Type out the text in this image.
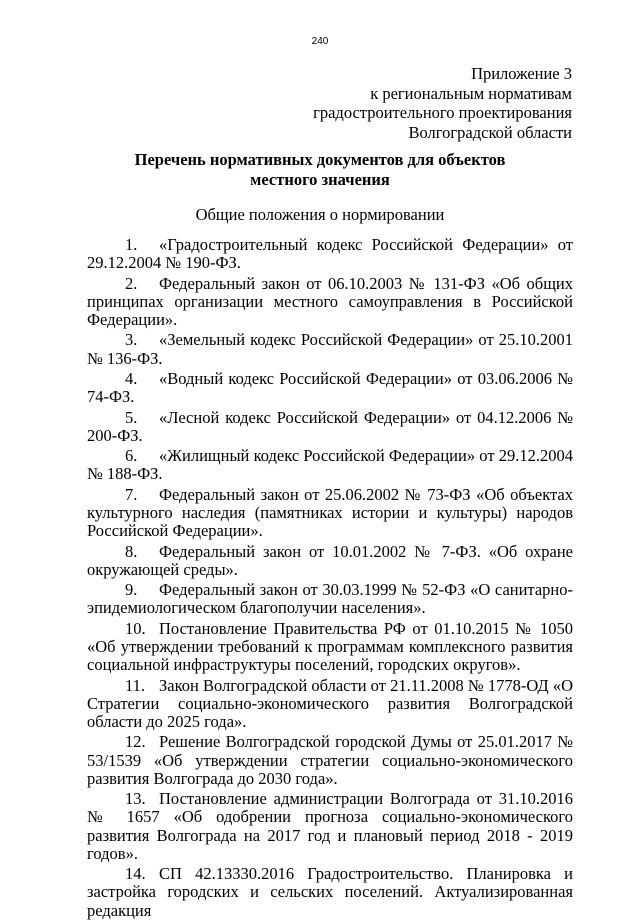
240
Приложение 3
к региональным нормативам
градостроительного проектирования
Волгоградской области
Перечень нормативных документов для объектов
местного значения
Общие положения о нормировании

1. «Градостроительный кодекс Российской Федерации» от 29.12.2004 № 190-ФЗ.

2. Федеральный закон от 06.10.2003 № 131-ФЗ «Об общих принципах организации местного самоуправления в Российской Федерации».

3. «Земельный кодекс Российской Федерации» от 25.10.2001 № 136-ФЗ.

4. «Водный кодекс Российской Федерации» от 03.06.2006 № 74-ФЗ.

5. «Лесной кодекс Российской Федерации» от 04.12.2006 № 200-ФЗ.

6. «Жилищный кодекс Российской Федерации» от 29.12.2004 № 188-ФЗ.

7. Федеральный закон от 25.06.2002 № 73-ФЗ «Об объектах культурного наследия (памятниках истории и культуры) народов Российской Федерации».

8. Федеральный закон от 10.01.2002 № 7-ФЗ. «Об охране окружающей среды».

9. Федеральный закон от 30.03.1999 № 52-ФЗ «О санитарно-эпидемиологическом благополучии населения».

10. Постановление Правительства РФ от 01.10.2015 № 1050 «Об утверждении требований к программам комплексного развития социальной инфраструктуры поселений, городских округов».

11. Закон Волгоградской области от 21.11.2008 № 1778-ОД «О Стратегии социально-экономического развития Волгоградской области до 2025 года».

12. Решение Волгоградской городской Думы от 25.01.2017 № 53/1539 «Об утверждении стратегии социально-экономического развития Волгограда до 2030 года».

13. Постановление администрации Волгограда от 31.10.2016 № 1657 «Об одобрении прогноза социально-экономического развития Волгограда на 2017 год и плановый период 2018 - 2019 годов».

14. СП 42.13330.2016 Градостроительство. Планировка и застройка городских и сельских поселений. Актуализированная редакция
